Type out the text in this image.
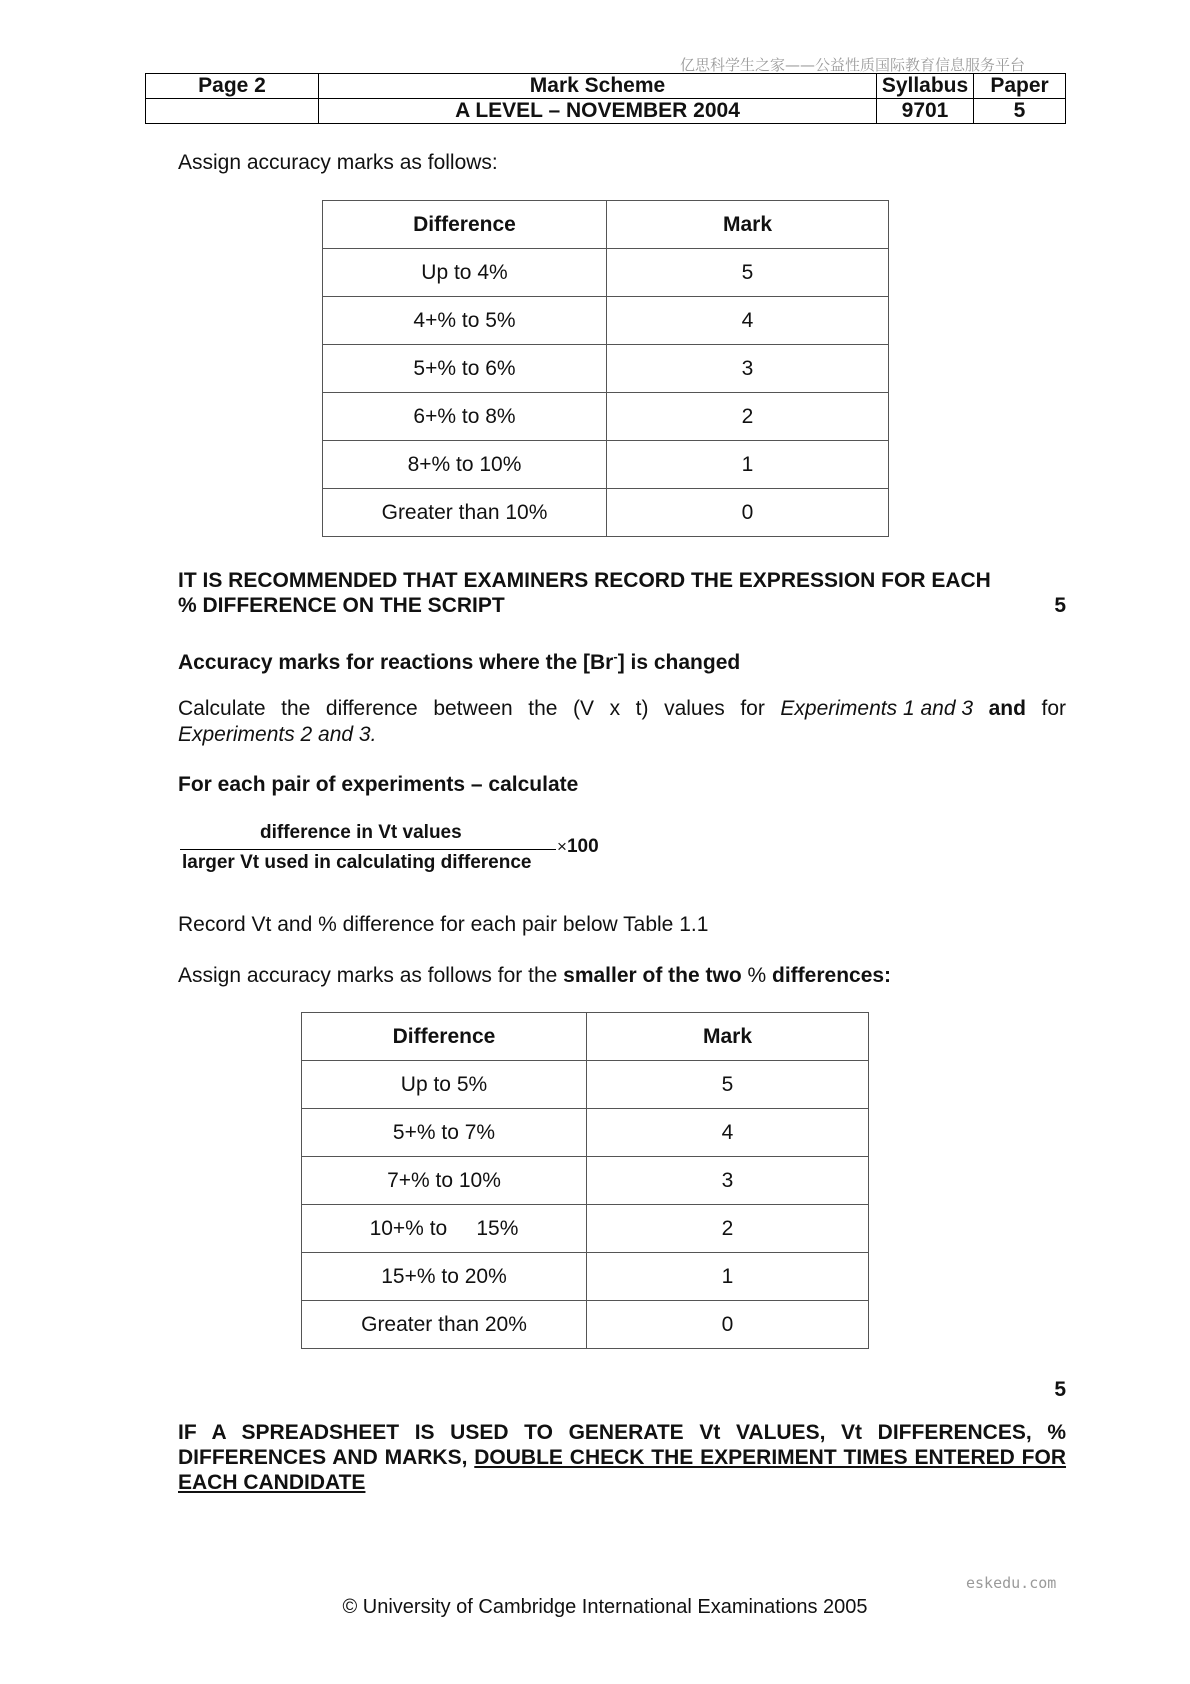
亿思科学生之家——公益性质国际教育信息服务平台
Page 2	Mark Scheme	Syllabus	Paper
	A LEVEL – NOVEMBER 2004	9701	5
Assign accuracy marks as follows:
Difference	Mark
Up to 4%	5
4+% to 5%	4
5+% to 6%	3
6+% to 8%	2
8+% to 10%	1
Greater than 10%	0
IT IS RECOMMENDED THAT EXAMINERS RECORD THE EXPRESSION FOR EACH
% DIFFERENCE ON THE SCRIPT	5
Accuracy marks for reactions where the [Br-] is changed
Calculate the difference between the (V x t) values for Experiments 1 and 3 and for
Experiments 2 and 3.
For each pair of experiments – calculate
difference in Vt values
larger Vt used in calculating difference
×100
Record Vt and % difference for each pair below Table 1.1
Assign accuracy marks as follows for the smaller of the two % differences:
Difference	Mark
Up to 5%	5
5+% to 7%	4
7+% to 10%	3
10+% to     15%	2
15+% to 20%	1
Greater than 20%	0
5
IF A SPREADSHEET IS USED TO GENERATE Vt VALUES, Vt DIFFERENCES, % DIFFERENCES AND MARKS, DOUBLE CHECK THE EXPERIMENT TIMES ENTERED FOR EACH CANDIDATE
eskedu.com
© University of Cambridge International Examinations 2005
